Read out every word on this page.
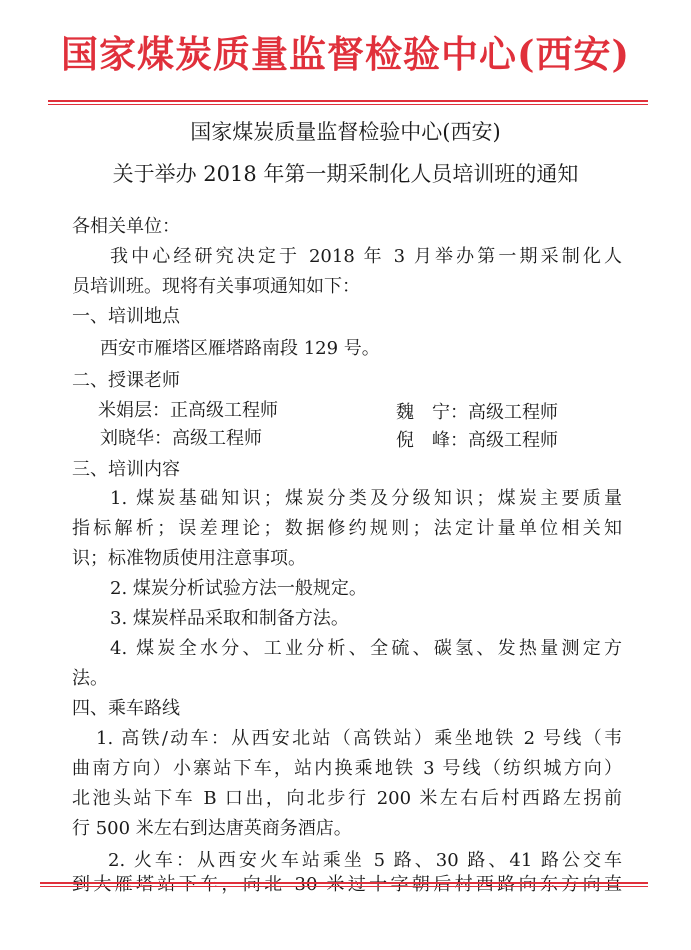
国家煤炭质量监督检验中心(西安)
国家煤炭质量监督检验中心(西安)
关于举办 2018 年第一期采制化人员培训班的通知
各相关单位：
我中心经研究决定于 2018 年 3 月举办第一期采制化人
员培训班。现将有关事项通知如下：
一、培训地点
西安市雁塔区雁塔路南段 129 号。
二、授课老师
米娟层：正高级工程师	魏　宁：高级工程师
刘晓华：高级工程师	倪　峰：高级工程师
三、培训内容
1. 煤炭基础知识；煤炭分类及分级知识；煤炭主要质量
指标解析；误差理论；数据修约规则；法定计量单位相关知
识；标准物质使用注意事项。
2. 煤炭分析试验方法一般规定。
3. 煤炭样品采取和制备方法。
4. 煤炭全水分、工业分析、全硫、碳氢、发热量测定方
法。
四、乘车路线
1. 高铁/动车：从西安北站（高铁站）乘坐地铁 2 号线（韦
曲南方向）小寨站下车，站内换乘地铁 3 号线（纺织城方向）
北池头站下车 B 口出，向北步行 200 米左右后村西路左拐前
行 500 米左右到达唐英商务酒店。
2. 火车：从西安火车站乘坐 5 路、30 路、41 路公交车
到大雁塔站下车，向北 30 米过十字朝后村西路向东方向直
